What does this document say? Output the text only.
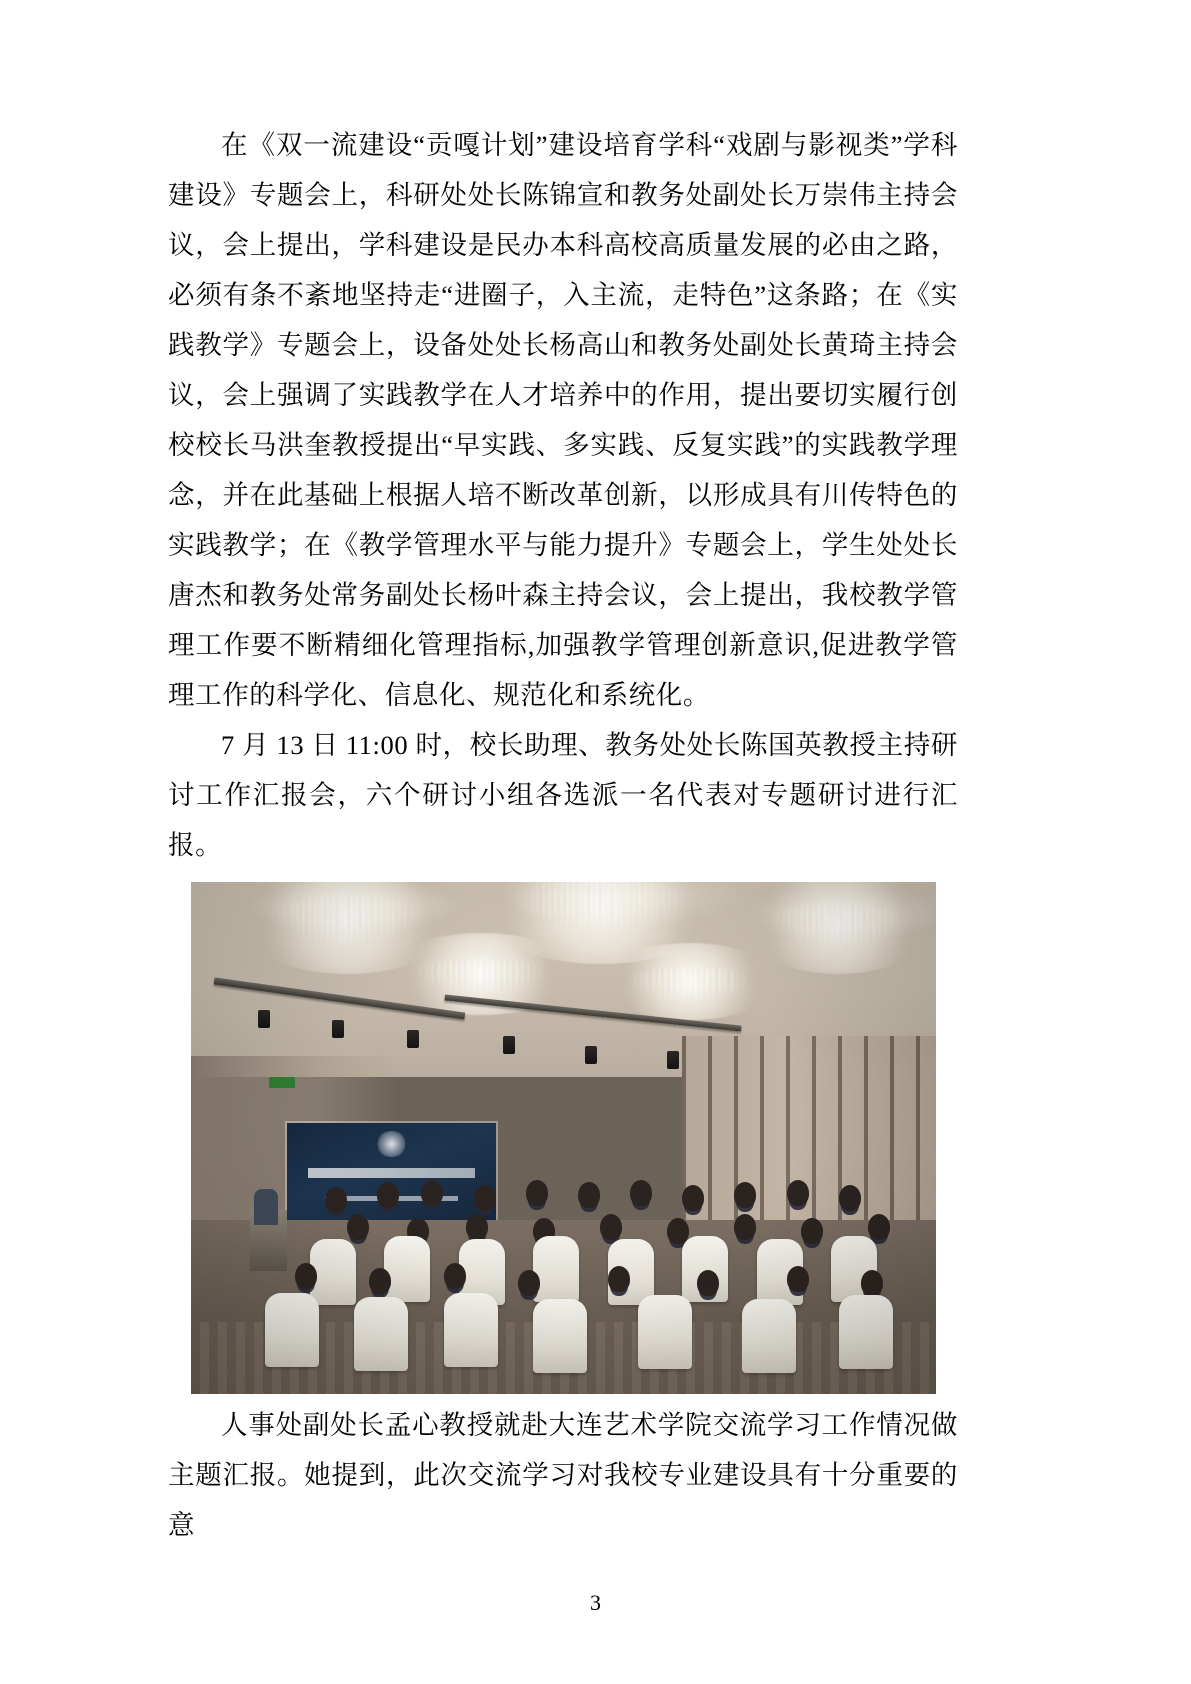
在《双一流建设“贡嘎计划”建设培育学科“戏剧与影视类”学科建设》专题会上，科研处处长陈锦宣和教务处副处长万崇伟主持会议，会上提出，学科建设是民办本科高校高质量发展的必由之路，必须有条不紊地坚持走“进圈子，入主流，走特色”这条路；在《实践教学》专题会上，设备处处长杨高山和教务处副处长黄琦主持会议，会上强调了实践教学在人才培养中的作用，提出要切实履行创校校长马洪奎教授提出“早实践、多实践、反复实践”的实践教学理念，并在此基础上根据人培不断改革创新，以形成具有川传特色的实践教学；在《教学管理水平与能力提升》专题会上，学生处处长唐杰和教务处常务副处长杨叶森主持会议，会上提出，我校教学管理工作要不断精细化管理指标,加强教学管理创新意识,促进教学管理工作的科学化、信息化、规范化和系统化。

7 月 13 日 11:00 时，校长助理、教务处处长陈国英教授主持研讨工作汇报会，六个研讨小组各选派一名代表对专题研讨进行汇报。

人事处副处长孟心教授就赴大连艺术学院交流学习工作情况做主题汇报。她提到，此次交流学习对我校专业建设具有十分重要的意

3
